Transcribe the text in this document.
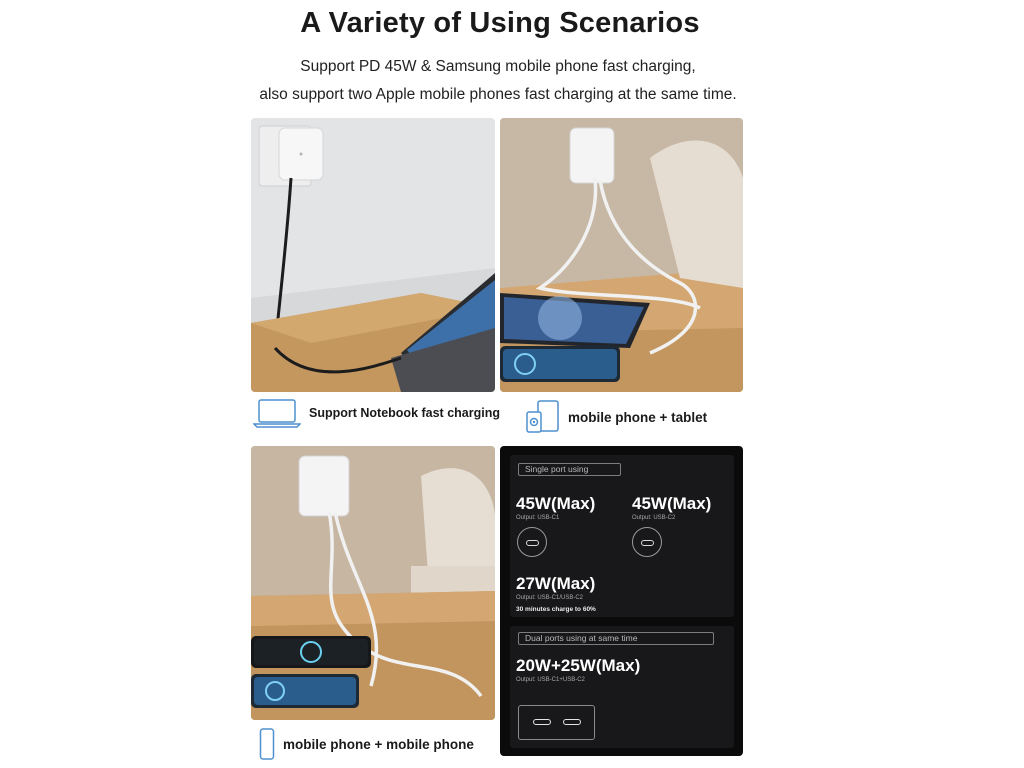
A Variety of Using Scenarios
Support PD 45W & Samsung mobile phone fast charging,
also support two Apple mobile phones fast charging at the same time.
Support Notebook fast charging	mobile phone + tablet
mobile phone + mobile phone
Single port using
45W(Max)
Output: USB-C1
45W(Max)
Output: USB-C2
27W(Max)
Output: USB-C1/USB-C2
30 minutes charge to 60%
Dual ports using at same time
20W+25W(Max)
Output: USB-C1+USB-C2
